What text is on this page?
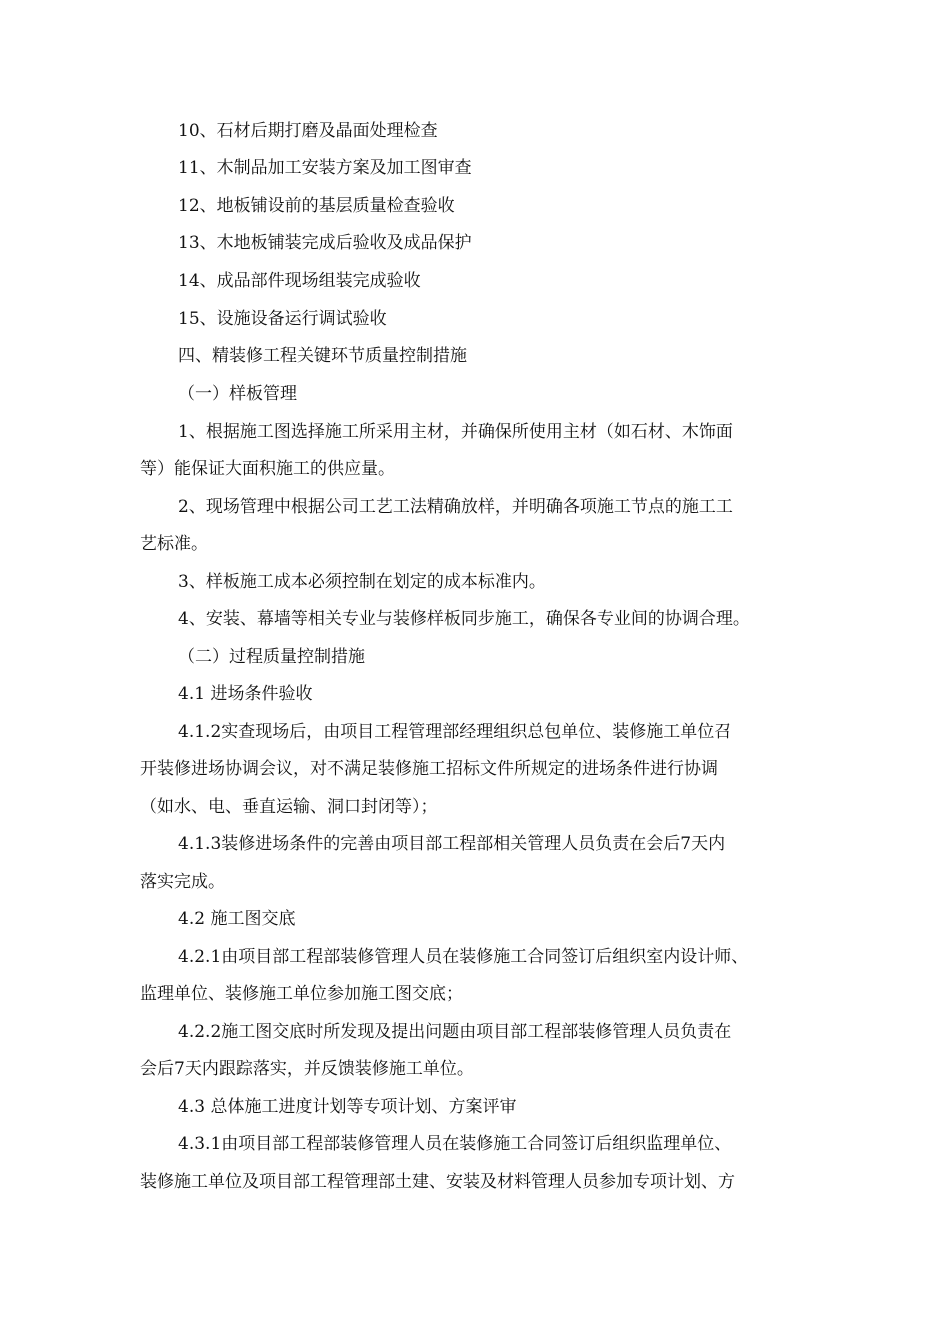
10、石材后期打磨及晶面处理检查
11、木制品加工安装方案及加工图审查
12、地板铺设前的基层质量检查验收
13、木地板铺装完成后验收及成品保护
14、成品部件现场组装完成验收
15、设施设备运行调试验收
四、精装修工程关键环节质量控制措施
（一）样板管理
1、根据施工图选择施工所采用主材，并确保所使用主材（如石材、木饰面
等）能保证大面积施工的供应量。
2、现场管理中根据公司工艺工法精确放样，并明确各项施工节点的施工工
艺标准。
3、样板施工成本必须控制在划定的成本标准内。
4、安装、幕墙等相关专业与装修样板同步施工，确保各专业间的协调合理。
（二）过程质量控制措施
4.1 进场条件验收
4.1.2实查现场后，由项目工程管理部经理组织总包单位、装修施工单位召
开装修进场协调会议，对不满足装修施工招标文件所规定的进场条件进行协调
（如水、电、垂直运输、洞口封闭等）；
4.1.3装修进场条件的完善由项目部工程部相关管理人员负责在会后7天内
落实完成。
4.2 施工图交底
4.2.1由项目部工程部装修管理人员在装修施工合同签订后组织室内设计师、
监理单位、装修施工单位参加施工图交底；
4.2.2施工图交底时所发现及提出问题由项目部工程部装修管理人员负责在
会后7天内跟踪落实，并反馈装修施工单位。
4.3 总体施工进度计划等专项计划、方案评审
4.3.1由项目部工程部装修管理人员在装修施工合同签订后组织监理单位、
装修施工单位及项目部工程管理部土建、安装及材料管理人员参加专项计划、方
